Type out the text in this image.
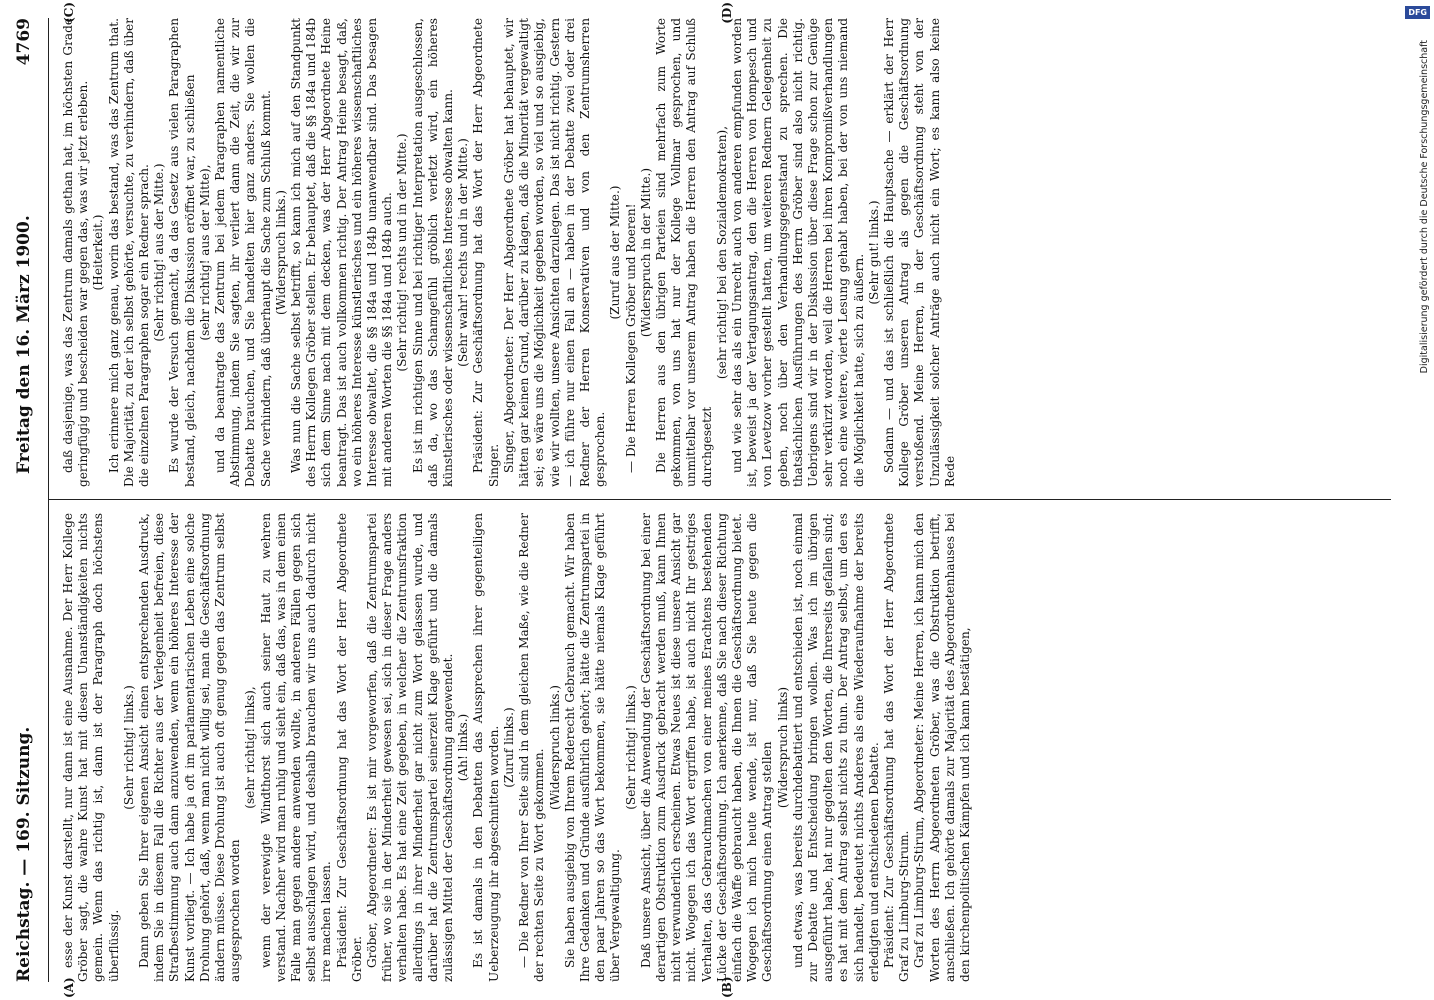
Reichstag. — 169. Sitzung.
Freitag den 16. März 1900.
4769

esse der Kunst darstellt, nur dann ist eine Ausnahme. Der Herr Kollege Gröber sagt, die wahre Kunst hat mit diesen Unanständigkeiten nichts gemein. Wenn das richtig ist, dann ist der Paragraph doch höchstens überflüssig.

(Sehr richtig! links.) Dann geben Sie Ihrer eigenen Ansicht einen entsprechenden Ausdruck, indem Sie in diesem Fall die Richter aus der Verlegenheit befreien, diese Strafbestimmung auch dann anzuwenden, wenn ein höheres Interesse der Kunst vorliegt. — Ich habe ja oft im parlamentarischen Leben eine solche Drohung gehört, daß, wenn man nicht willig sei, man die Geschäftsordnung ändern müsse. Diese Drohung ist auch oft genug gegen das Zentrum selbst ausgesprochen worden

(sehr richtig! links), wenn der verewigte Windthorst sich auch seiner Haut zu wehren verstand. Nachher wird man ruhig und sieht ein, daß das, was in dem einen Falle man gegen andere anwenden wollte, in anderen Fällen gegen sich selbst ausschlagen wird, und deshalb brauchen wir uns auch dadurch nicht irre machen lassen. Präsident: Zur Geschäftsordnung hat das Wort der Herr Abgeordnete Gröber. Gröber, Abgeordneter: Es ist mir vorgeworfen, daß die Zentrumspartei früher, wo sie in der Minderheit gewesen sei, sich in dieser Frage anders verhalten habe. Es hat eine Zeit gegeben, in welcher die Zentrumsfraktion allerdings in ihrer Minderheit gar nicht zum Wort gelassen wurde, und darüber hat die Zentrumspartei seinerzeit Klage geführt und die damals zulässigen Mittel der Geschäftsordnung angewendet. (Ah! links.) Es ist damals in den Debatten das Aussprechen ihrer gegenteiligen Ueberzeugung ihr abgeschnitten worden. (Zuruf links.) — Die Redner von Ihrer Seite sind in dem gleichen Maße, wie die Redner der rechten Seite zu Wort gekommen.

(Widerspruch links.) Sie haben ausgiebig von Ihrem Rederecht Gebrauch gemacht. Wir haben Ihre Gedanken und Gründe ausführlich gehört; hätte die Zentrumspartei in den paar Jahren so das Wort bekommen, sie hätte niemals Klage geführt über Vergewaltigung.

(Sehr richtig! links.) Daß unsere Ansicht, über die Anwendung der Geschäftsordnung bei einer derartigen Obstruktion zum Ausdruck gebracht werden muß, kann Ihnen nicht verwunderlich erscheinen. Etwas Neues ist diese unsere Ansicht gar nicht. Wogegen ich das Wort ergriffen habe, ist auch nicht Ihr gestriges Verhalten, das Gebrauchmachen von einer meines Erachtens bestehenden Lücke der Geschäftsordnung. Ich anerkenne, daß Sie nach dieser Richtung einfach die Waffe gebraucht haben, die Ihnen die Geschäftsordnung bietet. Wogegen ich mich heute wende, ist nur, daß Sie heute gegen die Geschäftsordnung einen Antrag stellen (Widerspruch links) und etwas, was bereits durchdebattiert und entschieden ist, noch einmal zur Debatte und Entscheidung bringen wollen. Was ich im übrigen ausgeführt habe, hat nur gegolten den Worten, die Ihrerseits gefallen sind; es hat mit dem Antrag selbst nichts zu thun. Der Antrag selbst, um den es sich handelt, bedeutet nichts Anderes als eine Wiederaufnahme der bereits erledigten und entschiedenen Debatte. Präsident: Zur Geschäftsordnung hat das Wort der Herr Abgeordnete Graf zu Limburg-Stirum. Graf zu Limburg-Stirum, Abgeordneter: Meine Herren, ich kann mich den Worten des Herrn Abgeordneten Gröber, was die Obstruktion betrifft, anschließen. Ich gehörte damals zur Majorität des Abgeordnetenhauses bei den kirchenpolitischen Kämpfen und ich kann bestätigen,

daß dasjenige, was das Zentrum damals gethan hat, im höchsten Grade geringfügig und bescheiden war gegen das, was wir jetzt erleben. (Heiterkeit.) Ich erinnere mich ganz genau, worin das bestand, was das Zentrum that. Die Majorität, zu der ich selbst gehörte, versuchte, zu verhindern, daß über die einzelnen Paragraphen sogar ein Redner sprach. (Sehr richtig! aus der Mitte.) Es wurde der Versuch gemacht, da das Gesetz aus vielen Paragraphen bestand, gleich, nachdem die Diskussion eröffnet war, zu schließen (sehr richtig! aus der Mitte), und da beantragte das Zentrum bei jedem Paragraphen namentliche Abstimmung, indem Sie sagten, ihr verliert dann die Zeit, die wir zur Debatte brauchen, und Sie handelten hier ganz anders. Sie wollen die Sache verhindern, daß überhaupt die Sache zum Schluß kommt. (Widerspruch links.) Was nun die Sache selbst betrifft, so kann ich mich auf den Standpunkt des Herrn Kollegen Gröber stellen. Er behauptet, daß die §§ 184a und 184b sich dem Sinne nach mit dem decken, was der Herr Abgeordnete Heine beantragt. Das ist auch vollkommen richtig. Der Antrag Heine besagt, daß, wo ein höheres Interesse künstlerisches und ein höheres wissenschaftliches Interesse obwaltet, die §§ 184a und 184b unanwendbar sind. Das besagen mit anderen Worten die §§ 184a und 184b auch. (Sehr richtig! rechts und in der Mitte.) Es ist im richtigen Sinne und bei richtiger Interpretation ausgeschlossen, daß da, wo das Schamgefühl gröblich verletzt wird, ein höheres künstlerisches oder wissenschaftliches Interesse obwalten kann. (Sehr wahr! rechts und in der Mitte.) Präsident: Zur Geschäftsordnung hat das Wort der Herr Abgeordnete Singer. Singer, Abgeordneter: Der Herr Abgeordnete Gröber hat behauptet, wir hätten gar keinen Grund, darüber zu klagen, daß die Minorität vergewaltigt sei; es wäre uns die Möglichkeit gegeben worden, so viel und so ausgiebig, wie wir wollten, unsere Ansichten darzulegen. Das ist nicht richtig. Gestern — ich führe nur einen Fall an — haben in der Debatte zwei oder drei Redner der Herren Konservativen und von den Zentrumsherren gesprochen.

(Zuruf aus der Mitte.) — Die Herren Kollegen Gröber und Roeren! (Widerspruch in der Mitte.) Die Herren aus den übrigen Parteien sind mehrfach zum Worte gekommen, von uns hat nur der Kollege Vollmar gesprochen, und unmittelbar vor unserem Antrag haben die Herren den Antrag auf Schluß durchgesetzt

(sehr richtig! bei den Sozialdemokraten), und wie sehr das als ein Unrecht auch von anderen empfunden worden ist, beweist ja der Vertagungsantrag, den die Herren von Hompesch und von Levetzow vorher gestellt hatten, um weiteren Rednern Gelegenheit zu geben, noch über den Verhandlungsgegenstand zu sprechen. Die thatsächlichen Ausführungen des Herrn Gröber sind also nicht richtig. Uebrigens sind wir in der Diskussion über diese Frage schon zur Genüge sehr verkürzt worden, weil die Herren bei ihren Kompromißverhandlungen noch eine weitere, vierte Lesung gehabt haben, bei der von uns niemand die Möglichkeit hatte, sich zu äußern.

(Sehr gut! links.) Sodann — und das ist schließlich die Hauptsache — erklärt der Herr Kollege Gröber unseren Antrag als gegen die Geschäftsordnung verstoßend. Meine Herren, in der Geschäftsordnung steht von der Unzulässigkeit solcher Anträge auch nicht ein Wort; es kann also keine Rede

(A)	(B)
(C)	(D)	DFG
Digitalisierung gefördert durch die Deutsche Forschungsgemeinschaft
